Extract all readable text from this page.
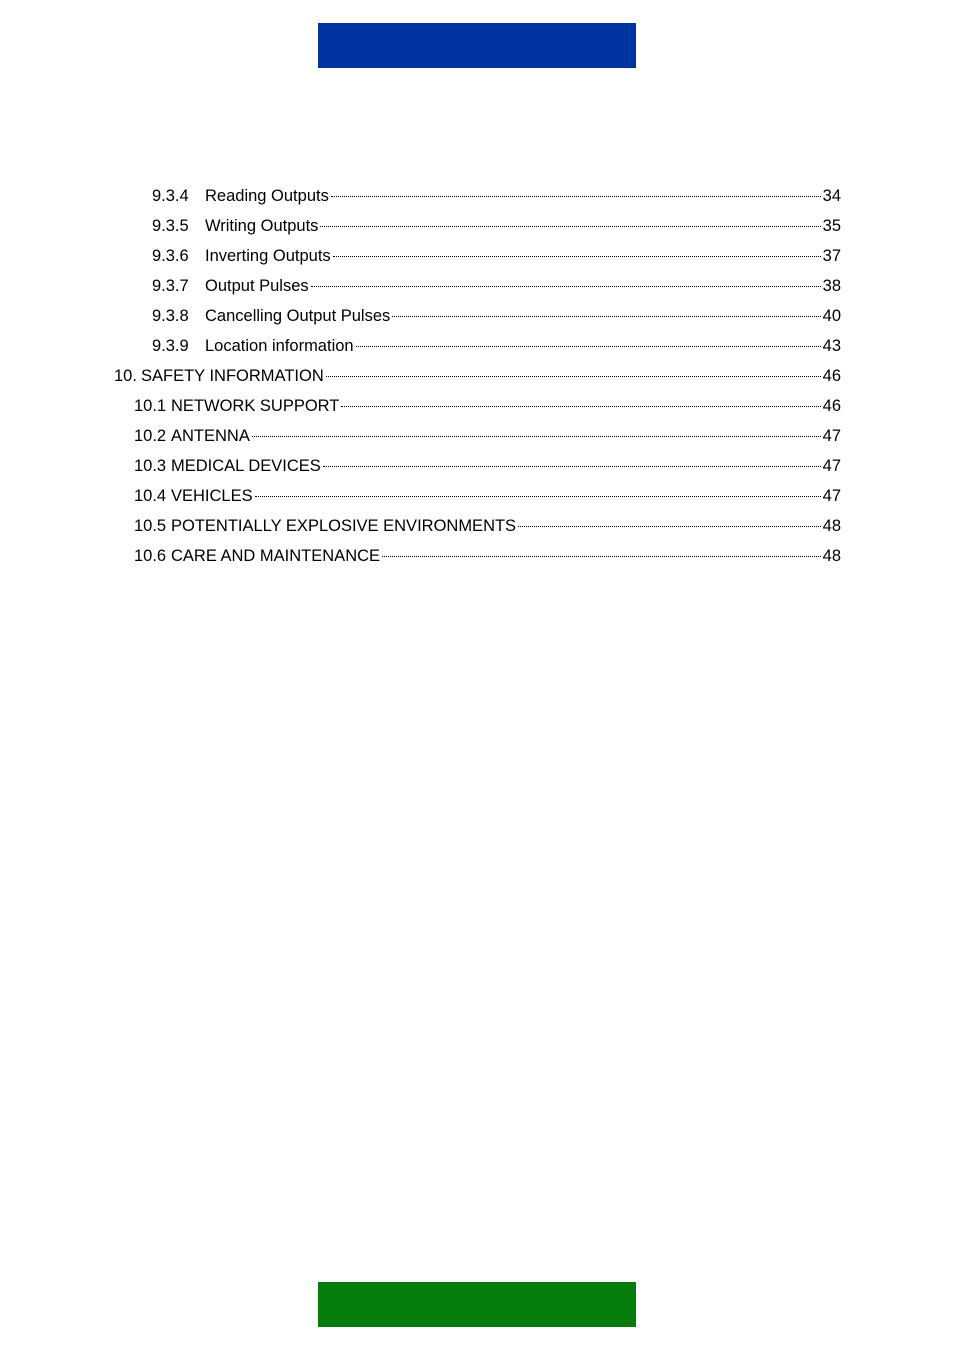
9.3.4 Reading Outputs	34
9.3.5 Writing Outputs	35
9.3.6 Inverting Outputs	37
9.3.7 Output Pulses	38
9.3.8 Cancelling Output Pulses	40
9.3.9 Location information	43
10. SAFETY INFORMATION	46
10.1 NETWORK SUPPORT	46
10.2 ANTENNA	47
10.3 MEDICAL DEVICES	47
10.4 VEHICLES	47
10.5 POTENTIALLY EXPLOSIVE ENVIRONMENTS	48
10.6 CARE AND MAINTENANCE	48
